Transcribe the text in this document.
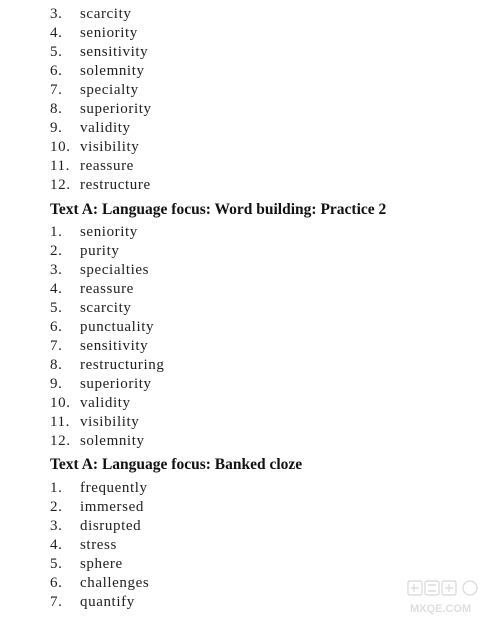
3. scarcity
4. seniority
5. sensitivity
6. solemnity
7. specialty
8. superiority
9. validity
10. visibility
11. reassure
12. restructure
Text A: Language focus: Word building: Practice 2
1. seniority
2. purity
3. specialties
4. reassure
5. scarcity
6. punctuality
7. sensitivity
8. restructuring
9. superiority
10. validity
11. visibility
12. solemnity
Text A: Language focus: Banked cloze
1. frequently
2. immersed
3. disrupted
4. stress
5. sphere
6. challenges
7. quantify	MXQE.COM
